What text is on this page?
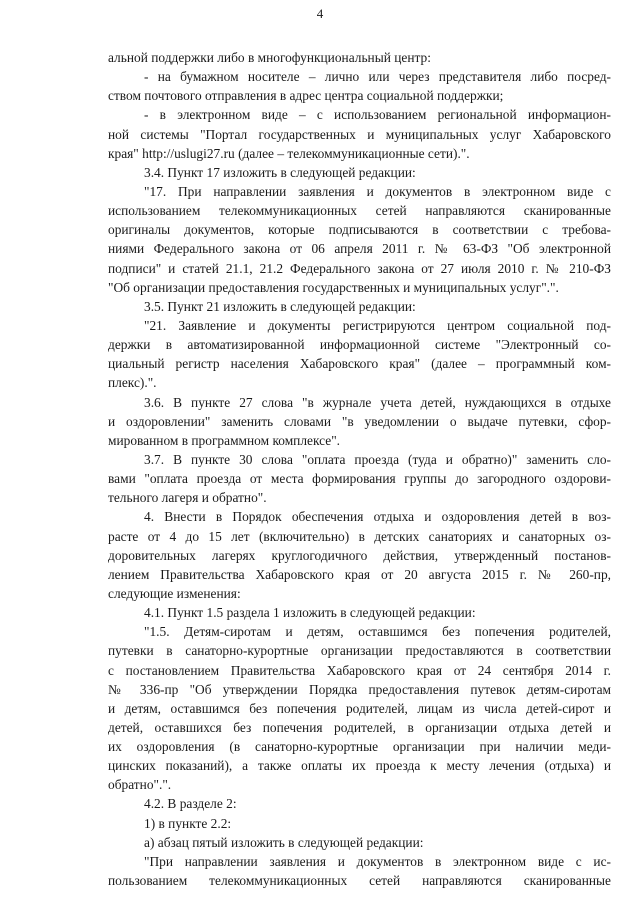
4
альной поддержки либо в многофункциональный центр:
- на бумажном носителе – лично или через представителя либо посред-
ством почтового отправления в адрес центра социальной поддержки;
- в электронном виде – с использованием региональной информацион-
ной системы "Портал государственных и муниципальных услуг Хабаровского
края" http://uslugi27.ru (далее – телекоммуникационные сети).".
3.4. Пункт 17 изложить в следующей редакции:
"17. При направлении заявления и документов в электронном виде с
использованием телекоммуникационных сетей направляются сканированные
оригиналы документов, которые подписываются в соответствии с требова-
ниями Федерального закона от 06 апреля 2011 г. № 63-ФЗ "Об электронной
подписи" и статей 21.1, 21.2 Федерального закона от 27 июля 2010 г. № 210-ФЗ
"Об организации предоставления государственных и муниципальных услуг".".
3.5. Пункт 21 изложить в следующей редакции:
"21. Заявление и документы регистрируются центром социальной под-
держки в автоматизированной информационной системе "Электронный со-
циальный регистр населения Хабаровского края" (далее – программный ком-
плекс).".
3.6. В пункте 27 слова "в журнале учета детей, нуждающихся в отдыхе
и оздоровлении" заменить словами "в уведомлении о выдаче путевки, сфор-
мированном в программном комплексе".
3.7. В пункте 30 слова "оплата проезда (туда и обратно)" заменить сло-
вами "оплата проезда от места формирования группы до загородного оздорови-
тельного лагеря и обратно".
4. Внести в Порядок обеспечения отдыха и оздоровления детей в воз-
расте от 4 до 15 лет (включительно) в детских санаториях и санаторных оз-
доровительных лагерях круглогодичного действия, утвержденный постанов-
лением Правительства Хабаровского края от 20 августа 2015 г. № 260-пр,
следующие изменения:
4.1. Пункт 1.5 раздела 1 изложить в следующей редакции:
"1.5. Детям-сиротам и детям, оставшимся без попечения родителей,
путевки в санаторно-курортные организации предоставляются в соответствии
с постановлением Правительства Хабаровского края от 24 сентября 2014 г.
№ 336-пр "Об утверждении Порядка предоставления путевок детям-сиротам
и детям, оставшимся без попечения родителей, лицам из числа детей-сирот и
детей, оставшихся без попечения родителей, в организации отдыха детей и
их оздоровления (в санаторно-курортные организации при наличии меди-
цинских показаний), а также оплаты их проезда к месту лечения (отдыха) и
обратно".".
4.2. В разделе 2:
1) в пункте 2.2:
а) абзац пятый изложить в следующей редакции:
"При направлении заявления и документов в электронном виде с ис-
пользованием телекоммуникационных сетей направляются сканированные
